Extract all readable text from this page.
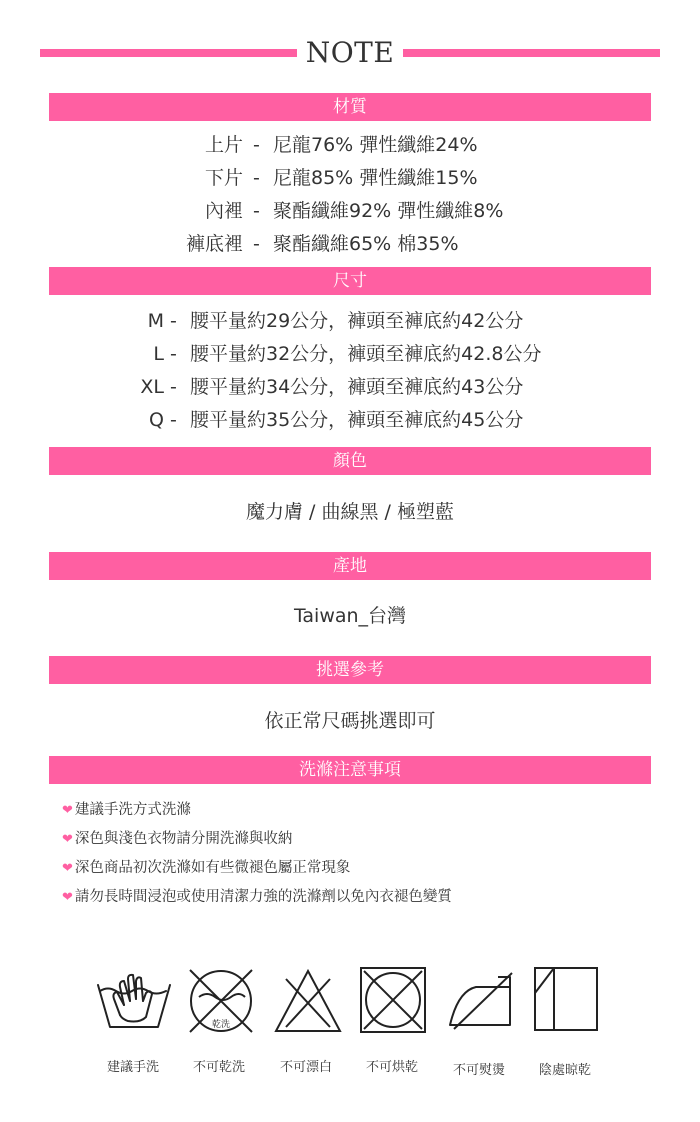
NOTE
材質
上片 - 尼龍76% 彈性纖維24%
下片 - 尼龍85% 彈性纖維15%
內裡 - 聚酯纖維92% 彈性纖維8%
褲底裡 - 聚酯纖維65% 棉35%
尺寸
M - 腰平量約29公分，褲頭至褲底約42公分
L - 腰平量約32公分，褲頭至褲底約42.8公分
XL - 腰平量約34公分，褲頭至褲底約43公分
Q - 腰平量約35公分，褲頭至褲底約45公分
顏色
魔力膚 / 曲線黑 / 極塑藍
產地
Taiwan_台灣
挑選參考
依正常尺碼挑選即可
洗滌注意事項
❤ 建議手洗方式洗滌
❤ 深色與淺色衣物請分開洗滌與收納
❤ 深色商品初次洗滌如有些微褪色屬正常現象
❤ 請勿長時間浸泡或使用清潔力強的洗滌劑以免內衣褪色變質
乾洗
建議手洗	不可乾洗	不可漂白	不可烘乾	不可熨燙	陰處晾乾
